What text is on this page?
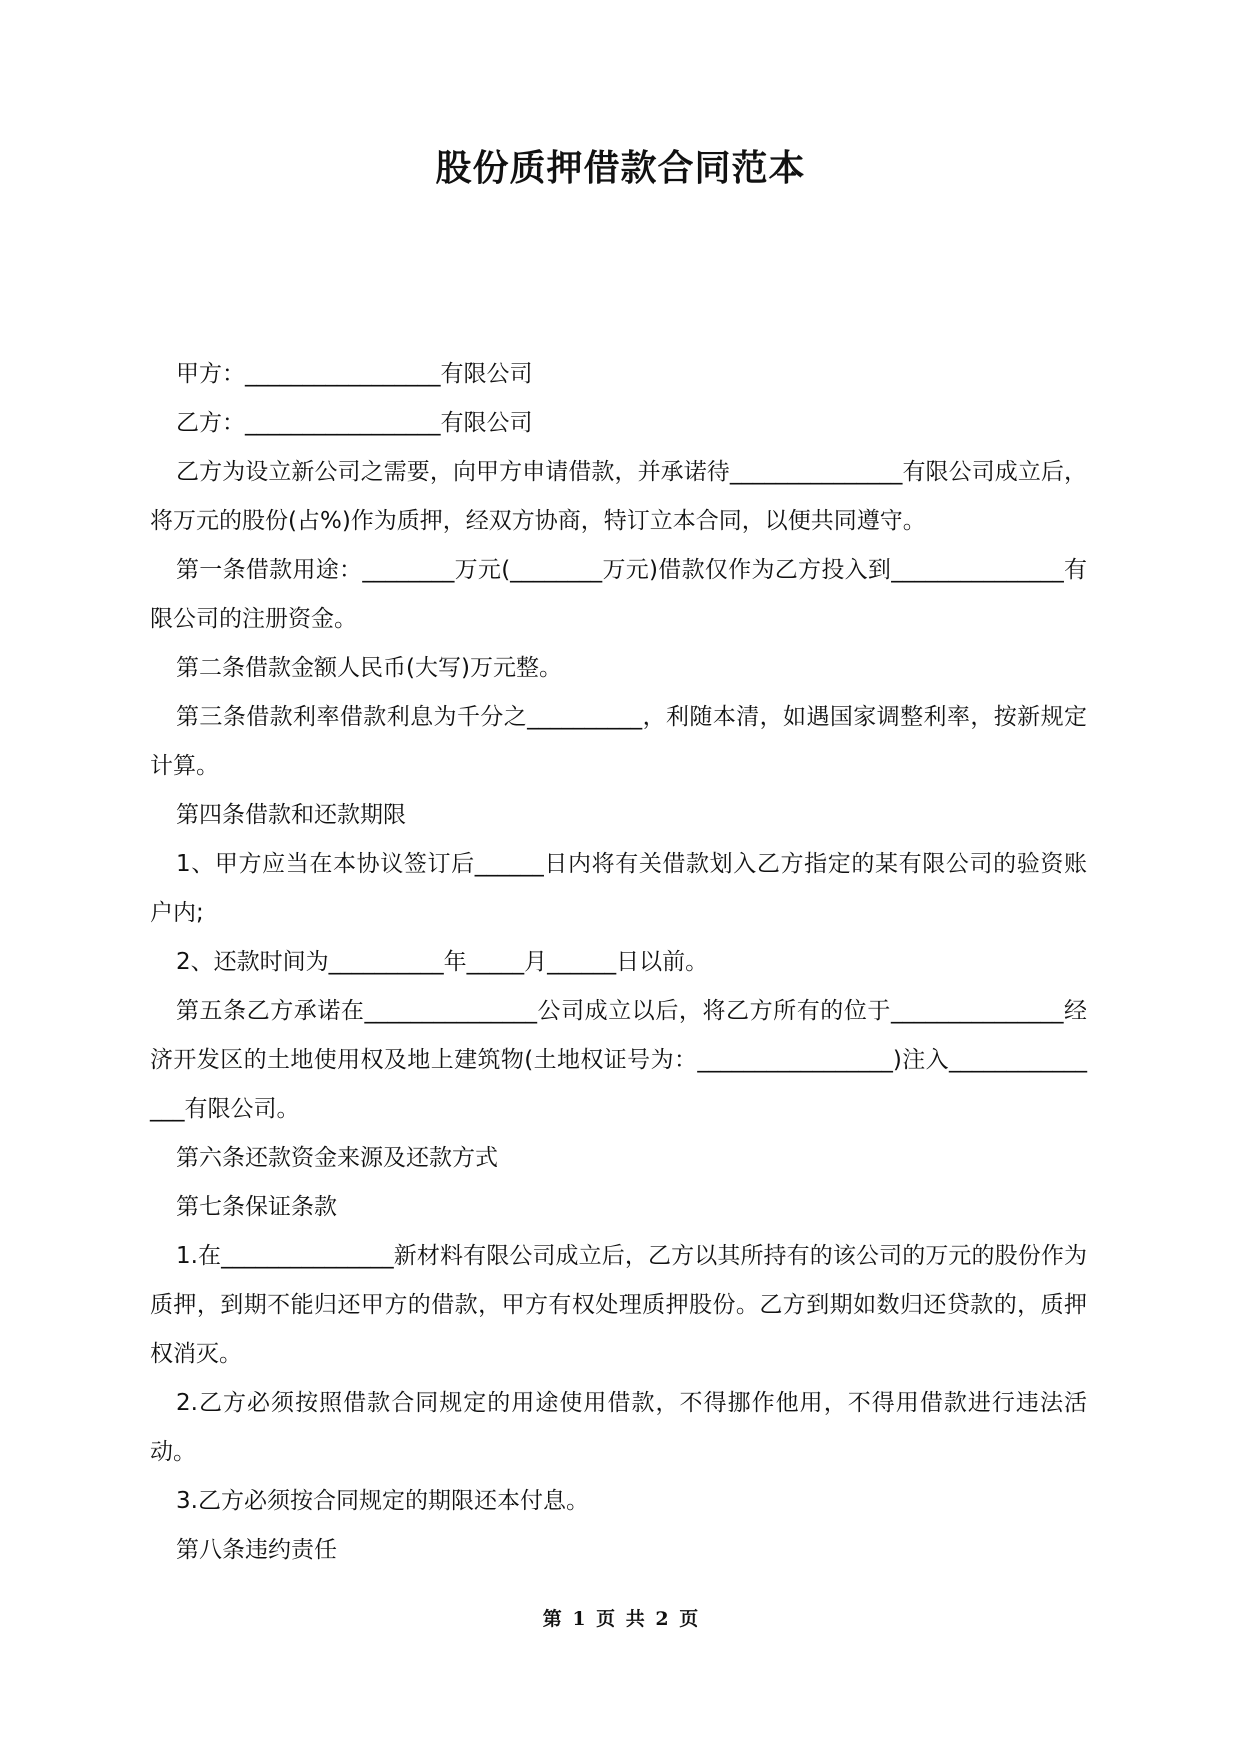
股份质押借款合同范本

甲方：_________________有限公司

乙方：_________________有限公司

乙方为设立新公司之需要，向甲方申请借款，并承诺待_______________有限公司成立后，将万元的股份(占%)作为质押，经双方协商，特订立本合同，以便共同遵守。

第一条借款用途：________万元(________万元)借款仅作为乙方投入到_______________有限公司的注册资金。

第二条借款金额人民币(大写)万元整。

第三条借款利率借款利息为千分之__________，利随本清，如遇国家调整利率，按新规定计算。

第四条借款和还款期限

1、甲方应当在本协议签订后______日内将有关借款划入乙方指定的某有限公司的验资账户内;

2、还款时间为__________年_____月______日以前。

第五条乙方承诺在_______________公司成立以后，将乙方所有的位于_______________经济开发区的土地使用权及地上建筑物(土地权证号为：_________________)注入_______________有限公司。

第六条还款资金来源及还款方式

第七条保证条款

1.在_______________新材料有限公司成立后，乙方以其所持有的该公司的万元的股份作为质押，到期不能归还甲方的借款，甲方有权处理质押股份。乙方到期如数归还贷款的，质押权消灭。

2.乙方必须按照借款合同规定的用途使用借款，不得挪作他用，不得用借款进行违法活动。

3.乙方必须按合同规定的期限还本付息。

第八条违约责任

第 1 页 共 2 页
